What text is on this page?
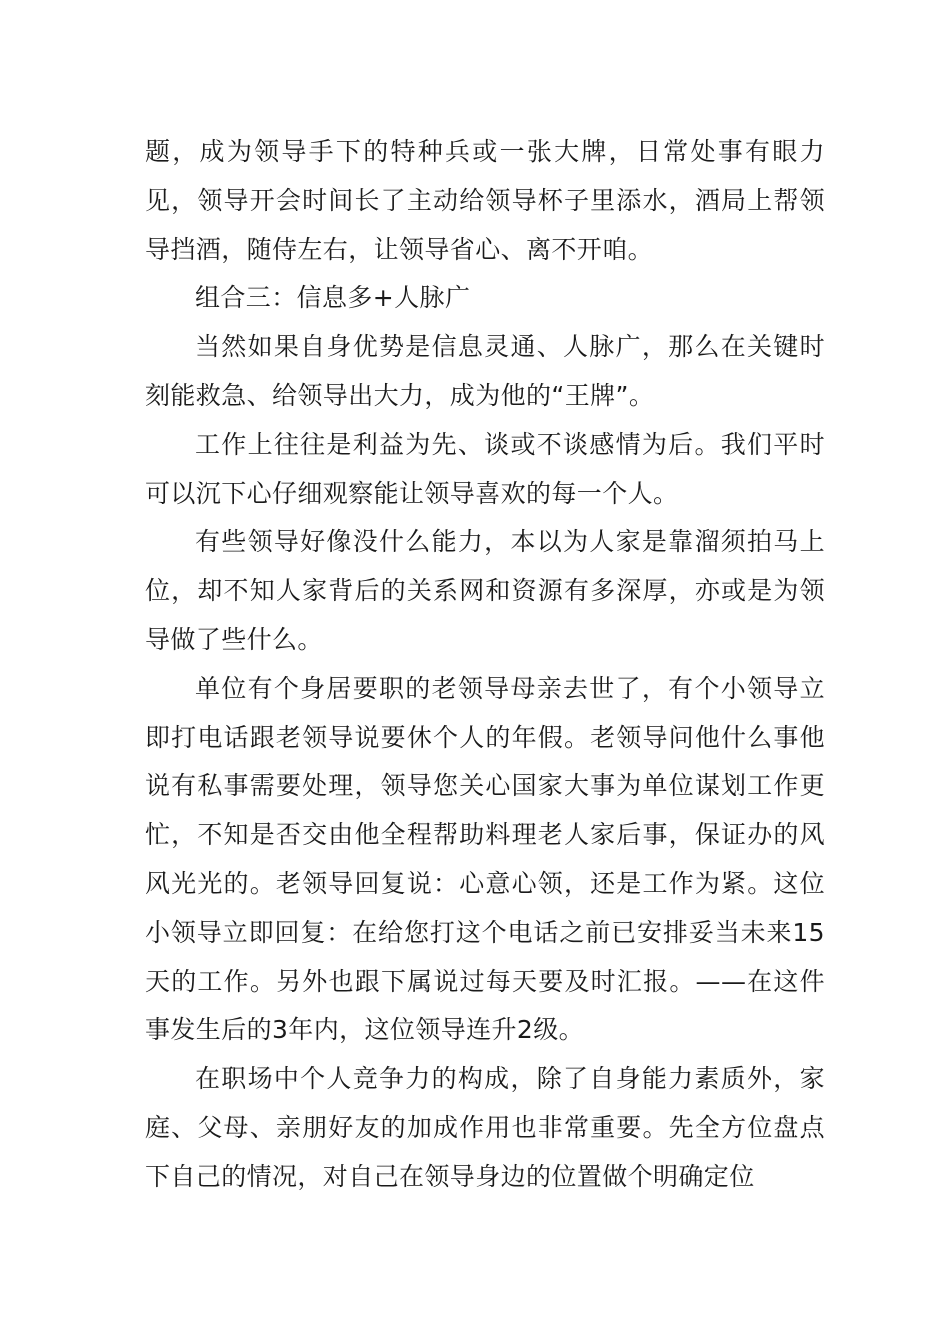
题，成为领导手下的特种兵或一张大牌，日常处事有眼力见，领导开会时间长了主动给领导杯子里添水，酒局上帮领导挡酒，随侍左右，让领导省心、离不开咱。

组合三：信息多+人脉广

当然如果自身优势是信息灵通、人脉广，那么在关键时刻能救急、给领导出大力，成为他的“王牌”。

工作上往往是利益为先、谈或不谈感情为后。我们平时可以沉下心仔细观察能让领导喜欢的每一个人。

有些领导好像没什么能力，本以为人家是靠溜须拍马上位，却不知人家背后的关系网和资源有多深厚，亦或是为领导做了些什么。

单位有个身居要职的老领导母亲去世了，有个小领导立即打电话跟老领导说要休个人的年假。老领导问他什么事他说有私事需要处理，领导您关心国家大事为单位谋划工作更忙，不知是否交由他全程帮助料理老人家后事，保证办的风风光光的。老领导回复说：心意心领，还是工作为紧。这位小领导立即回复：在给您打这个电话之前已安排妥当未来15天的工作。另外也跟下属说过每天要及时汇报。——在这件事发生后的3年内，这位领导连升2级。

在职场中个人竞争力的构成，除了自身能力素质外，家庭、父母、亲朋好友的加成作用也非常重要。先全方位盘点下自己的情况，对自己在领导身边的位置做个明确定位
